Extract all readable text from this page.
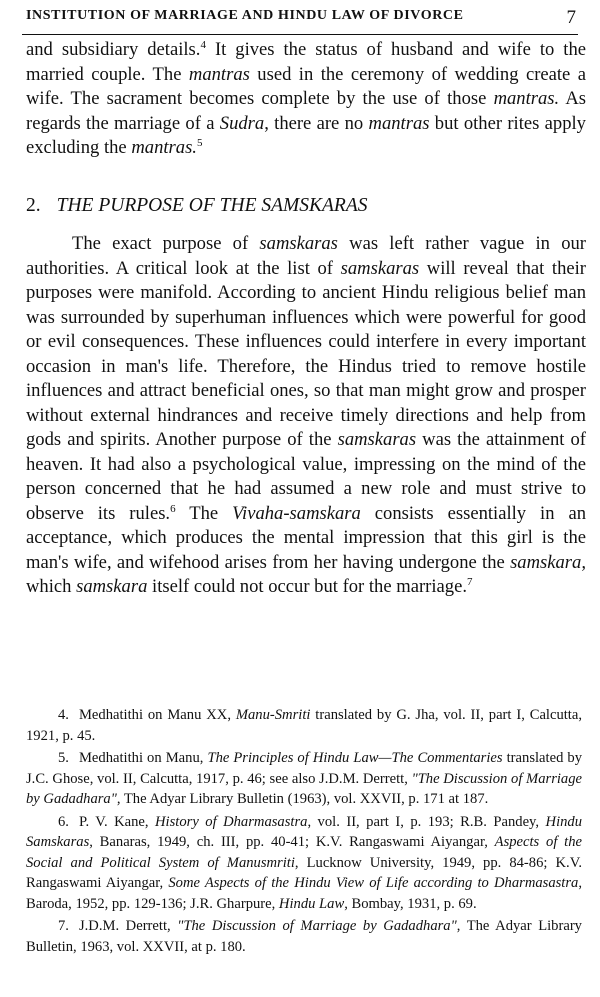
INSTITUTION OF MARRIAGE AND HINDU LAW OF DIVORCE	7
and subsidiary details.$^4$ It gives the status of husband and wife to the married couple. The mantras used in the ceremony of wedding create a wife. The sacrament becomes complete by the use of those mantras. As regards the marriage of a Sudra, there are no mantras but other rites apply excluding the mantras.$^5$
2. THE PURPOSE OF THE SAMSKARAS
The exact purpose of samskaras was left rather vague in our authorities. A critical look at the list of samskaras will reveal that their purposes were manifold. According to ancient Hindu religious belief man was surrounded by superhuman influences which were powerful for good or evil consequences. These influences could interfere in every important occasion in man's life. Therefore, the Hindus tried to remove hostile influences and attract beneficial ones, so that man might grow and prosper without external hindrances and receive timely directions and help from gods and spirits. Another purpose of the samskaras was the attainment of heaven. It had also a psychological value, impressing on the mind of the person concerned that he had assumed a new role and must strive to observe its rules.$^6$ The Vivaha-samskara consists essentially in an acceptance, which produces the mental impression that this girl is the man's wife, and wifehood arises from her having undergone the samskara, which samskara itself could not occur but for the marriage.$^7$

4. Medhatithi on Manu XX, Manu-Smriti translated by G. Jha, vol. II, part I, Calcutta, 1921, p. 45.

5. Medhatithi on Manu, The Principles of Hindu Law—The Commentaries translated by J.C. Ghose, vol. II, Calcutta, 1917, p. 46; see also J.D.M. Derrett, "The Discussion of Marriage by Gadadhara", The Adyar Library Bulletin (1963), vol. XXVII, p. 171 at 187.

6. P. V. Kane, History of Dharmasastra, vol. II, part I, p. 193; R.B. Pandey, Hindu Samskaras, Banaras, 1949, ch. III, pp. 40-41; K.V. Rangaswami Aiyangar, Aspects of the Social and Political System of Manusmriti, Lucknow University, 1949, pp. 84-86; K.V. Rangaswami Aiyangar, Some Aspects of the Hindu View of Life according to Dharmasastra, Baroda, 1952, pp. 129-136; J.R. Gharpure, Hindu Law, Bombay, 1931, p. 69.

7. J.D.M. Derrett, "The Discussion of Marriage by Gadadhara", The Adyar Library Bulletin, 1963, vol. XXVII, at p. 180.
